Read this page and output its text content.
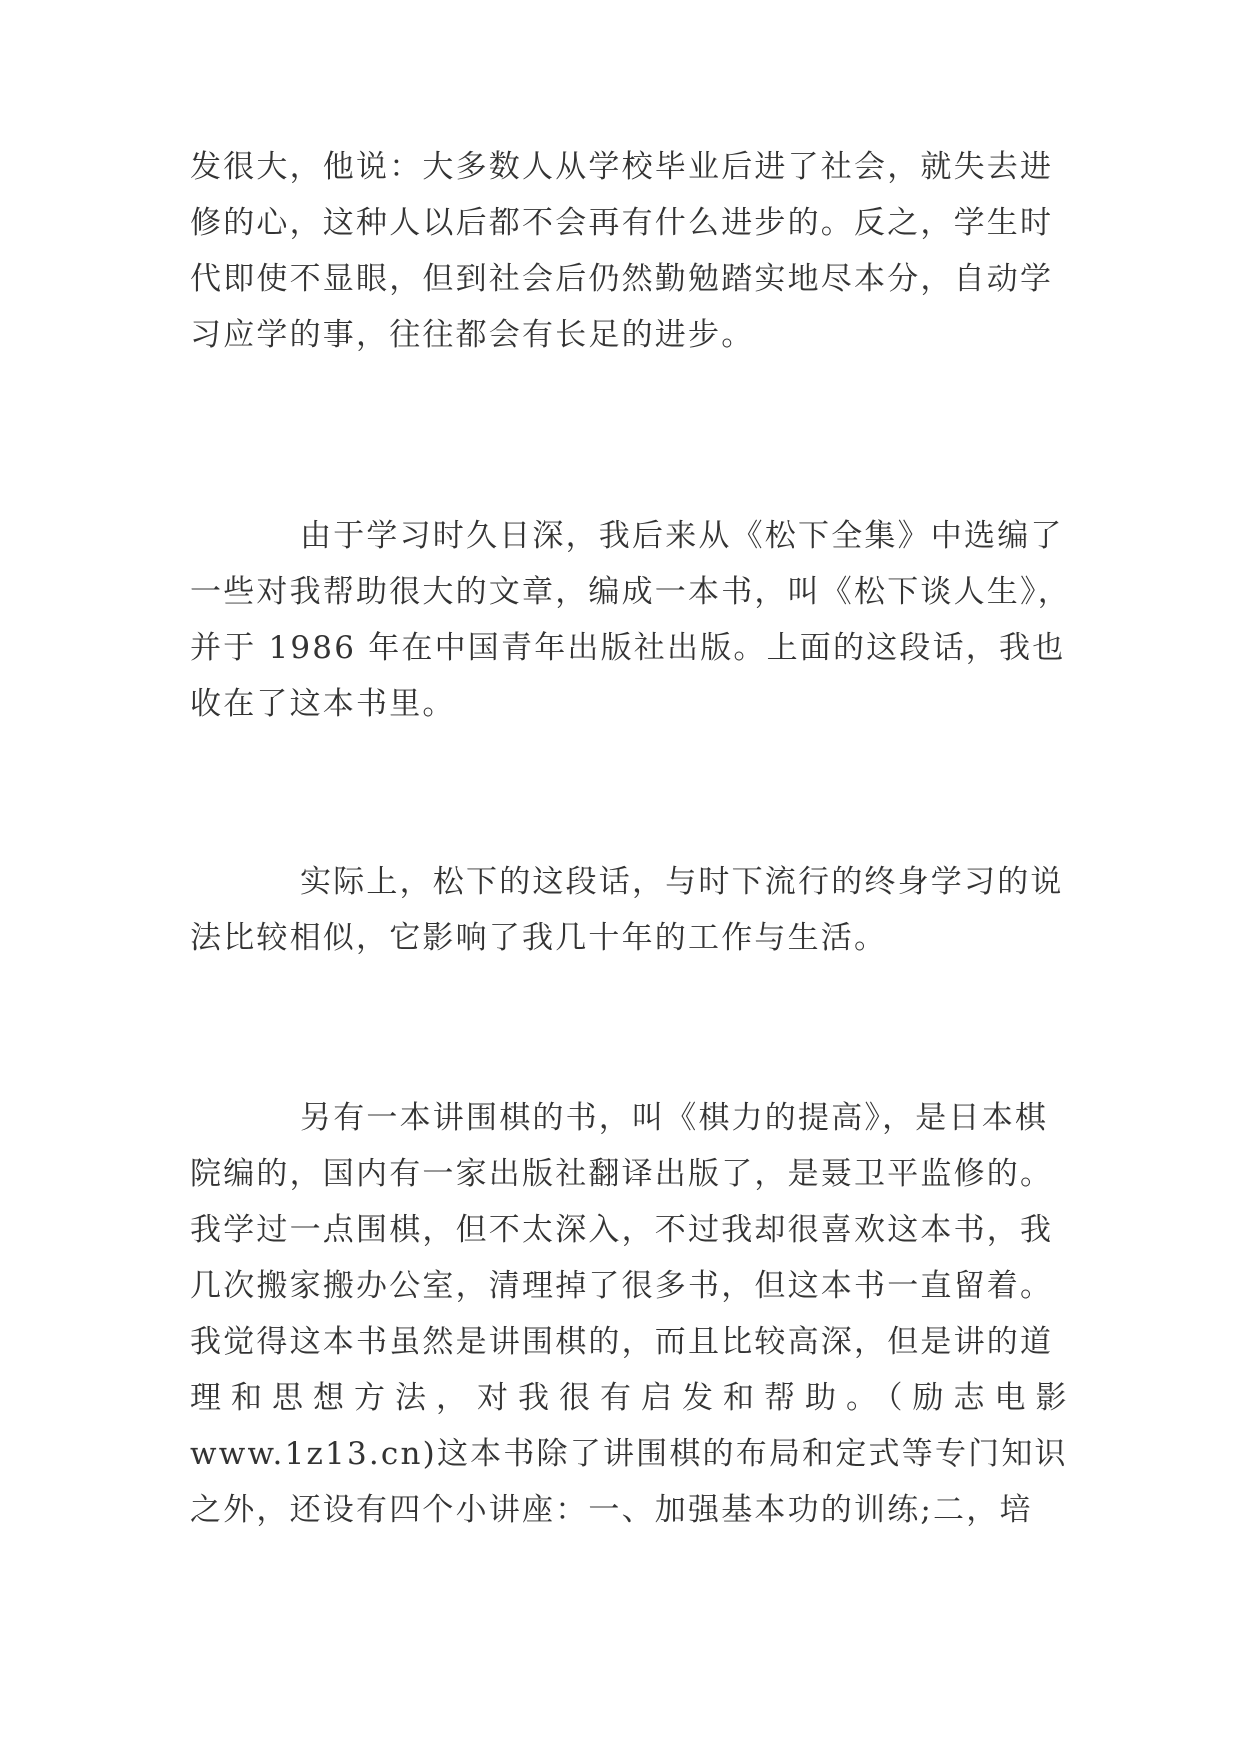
发很大，他说：大多数人从学校毕业后进了社会，就失去进
修的心，这种人以后都不会再有什么进步的。反之，学生时
代即使不显眼，但到社会后仍然勤勉踏实地尽本分，自动学
习应学的事，往往都会有长足的进步。
由于学习时久日深，我后来从《松下全集》中选编了
一些对我帮助很大的文章，编成一本书，叫《松下谈人生》，
并于 1986 年在中国青年出版社出版。上面的这段话，我也
收在了这本书里。
实际上，松下的这段话，与时下流行的终身学习的说
法比较相似，它影响了我几十年的工作与生活。
另有一本讲围棋的书，叫《棋力的提高》，是日本棋
院编的，国内有一家出版社翻译出版了，是聂卫平监修的。
我学过一点围棋，但不太深入，不过我却很喜欢这本书，我
几次搬家搬办公室，清理掉了很多书，但这本书一直留着。
我觉得这本书虽然是讲围棋的，而且比较高深，但是讲的道
理和思想方法，对我很有启发和帮助。（励志电影
www.1z13.cn)这本书除了讲围棋的布局和定式等专门知识
之外，还设有四个小讲座：一、加强基本功的训练;二，培
